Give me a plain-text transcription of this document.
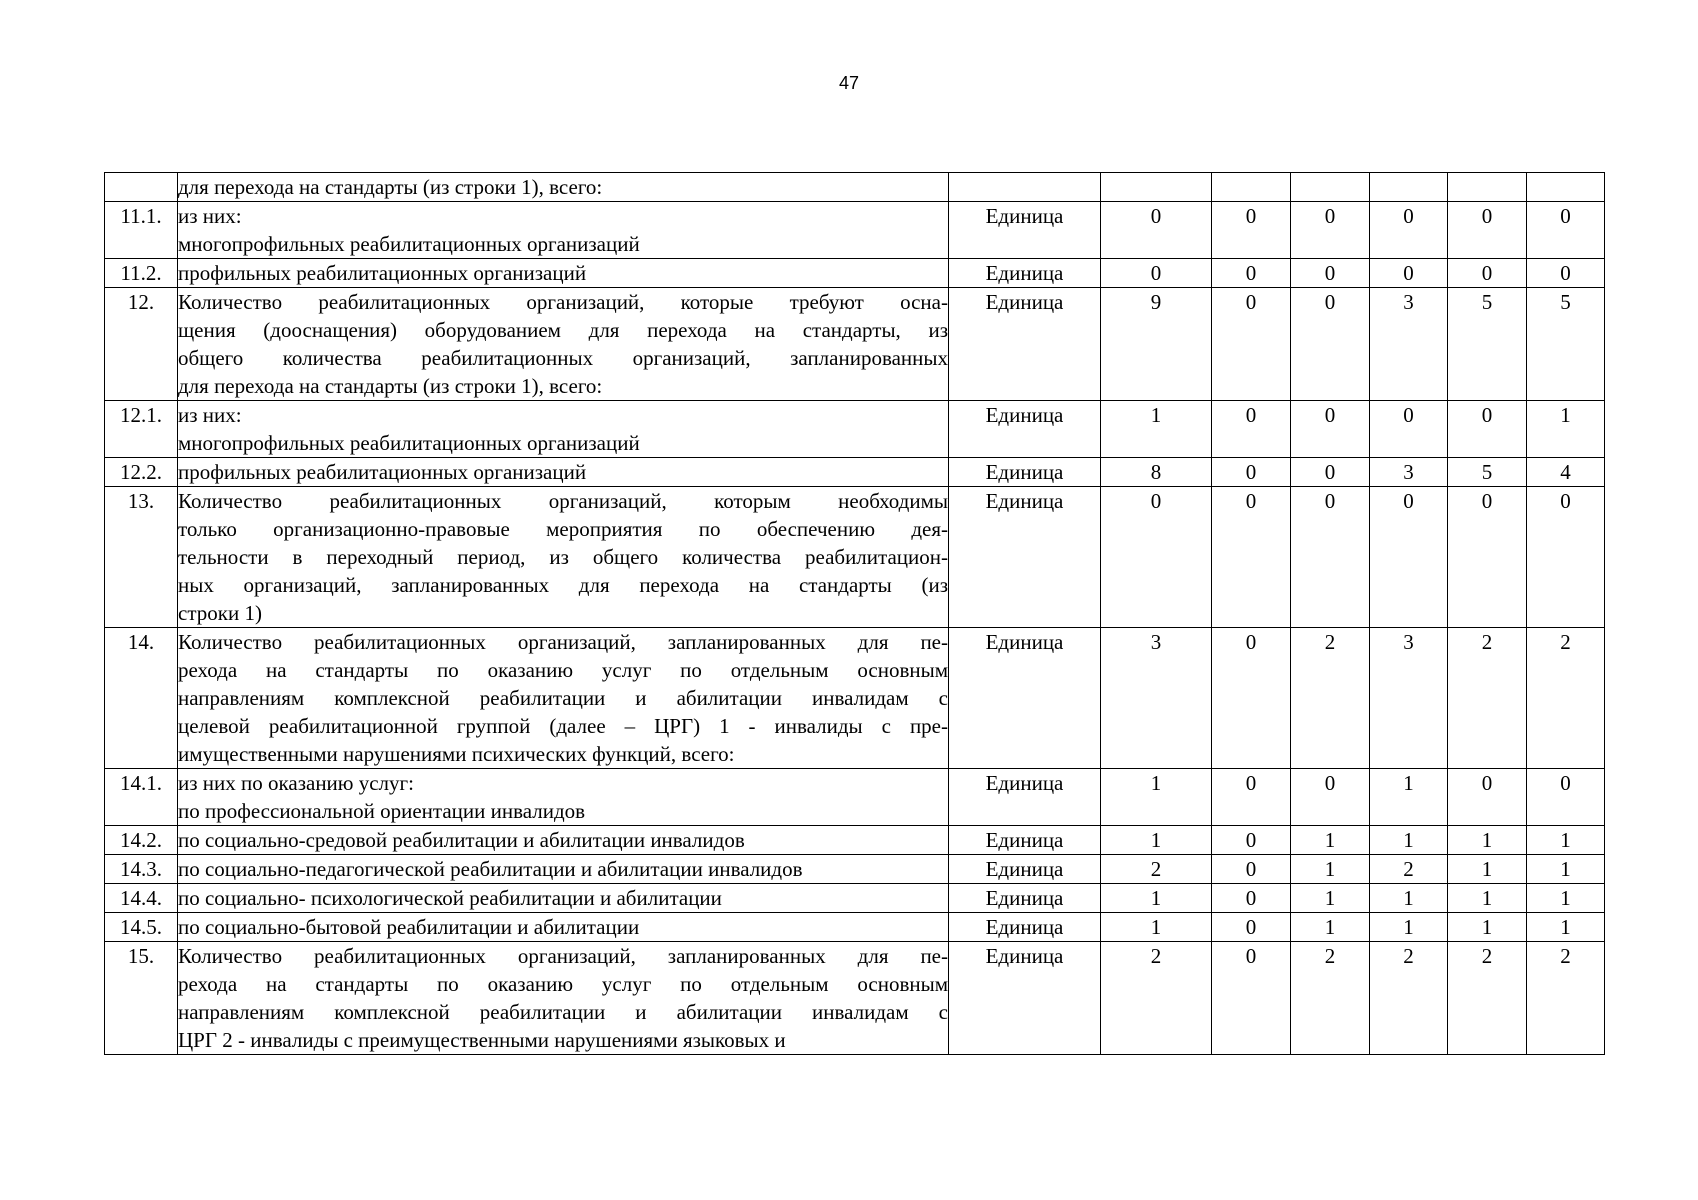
47

	для перехода на стандарты (из строки 1), всего:							

11.1.	из них:
многопрофильных реабилитационных организаций	Единица	0	0	0	0	0	0
11.2.	профильных реабилитационных организаций	Единица	0	0	0	0	0	0
12.	Количество реабилитационных организаций, которые требуют осна-
щения (дооснащения) оборудованием для перехода на стандарты, из
общего количества реабилитационных организаций, запланированных
для перехода на стандарты (из строки 1), всего:	Единица	9	0	0	3	5	5
12.1.	из них:
многопрофильных реабилитационных организаций	Единица	1	0	0	0	0	1
12.2.	профильных реабилитационных организаций	Единица	8	0	0	3	5	4
13.	Количество реабилитационных организаций, которым необходимы
только организационно-правовые мероприятия по обеспечению дея-
тельности в переходный период, из общего количества реабилитацион-
ных организаций, запланированных для перехода на стандарты (из
строки 1)	Единица	0	0	0	0	0	0
14.	Количество реабилитационных организаций, запланированных для пе-
рехода на стандарты по оказанию услуг по отдельным основным
направлениям комплексной реабилитации и абилитации инвалидам с
целевой реабилитационной группой (далее – ЦРГ) 1 - инвалиды с пре-
имущественными нарушениями психических функций, всего:	Единица	3	0	2	3	2	2
14.1.	из них по оказанию услуг:
по профессиональной ориентации инвалидов	Единица	1	0	0	1	0	0
14.2.	по социально-средовой реабилитации и абилитации инвалидов	Единица	1	0	1	1	1	1
14.3.	по социально-педагогической реабилитации и абилитации инвалидов	Единица	2	0	1	2	1	1
14.4.	по социально- психологической реабилитации и абилитации	Единица	1	0	1	1	1	1
14.5.	по социально-бытовой реабилитации и абилитации	Единица	1	0	1	1	1	1
15.	Количество реабилитационных организаций, запланированных для пе-
рехода на стандарты по оказанию услуг по отдельным основным
направлениям комплексной реабилитации и абилитации инвалидам с
ЦРГ 2 - инвалиды с преимущественными нарушениями языковых и	Единица	2	0	2	2	2	2
